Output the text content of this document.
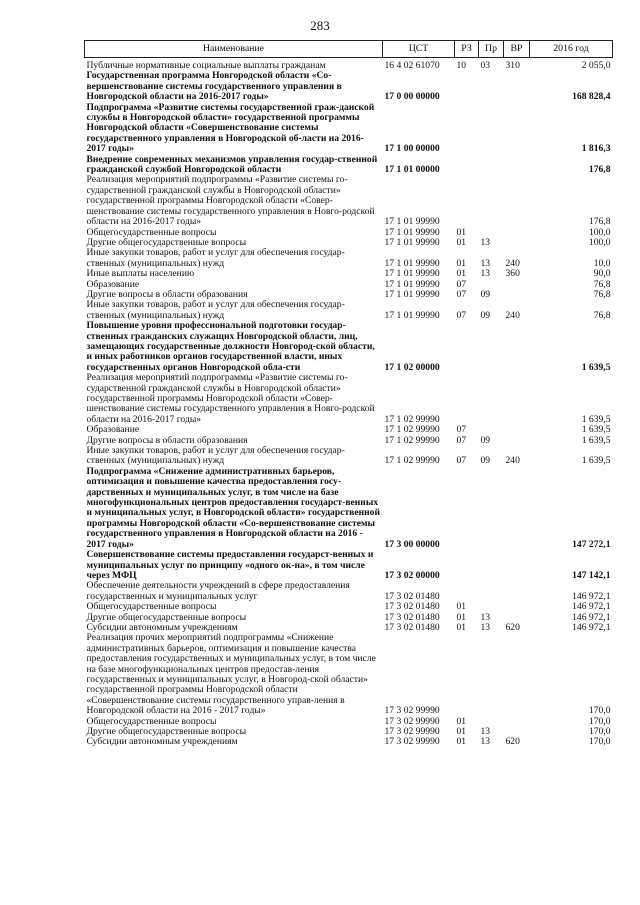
283
Наименование	ЦСТ	РЗ	Пр	ВР	2016 год
Публичные нормативные социальные выплаты гражданам	16 4 02 61070	10	03	310	2 055,0
Государственная программа Новгородской области «Со-вершенствование системы государственного управления в Новгородской области на 2016-2017 годы»	17 0 00 00000				168 828,4
Подпрограмма «Развитие системы государственной граж-данской службы в Новгородской области» государственной программы Новгородской области «Совершенствование системы государственного управления в Новгородской об-ласти на 2016-2017 годы»	17 1 00 00000				1 816,3
Внедрение современных механизмов управления государ-ственной гражданской службой Новгородской области	17 1 01 00000				176,8
Реализация мероприятий подпрограммы «Развитие системы го-сударственной гражданской службы в Новгородской области» государственной программы Новгородской области «Совер-шенствование системы государственного управления в Новго-родской области на 2016-2017 годы»	17 1 01 99990				176,8
Общегосударственные вопросы	17 1 01 99990	01			100,0
Другие общегосударственные вопросы	17 1 01 99990	01	13		100,0
Иные закупки товаров, работ и услуг для обеспечения государ-ственных (муниципальных) нужд	17 1 01 99990	01	13	240	10,0
Иные выплаты населению	17 1 01 99990	01	13	360	90,0
Образование	17 1 01 99990	07			76,8
Другие вопросы в области образования	17 1 01 99990	07	09		76,8
Иные закупки товаров, работ и услуг для обеспечения государ-ственных (муниципальных) нужд	17 1 01 99990	07	09	240	76,8
Повышение уровня профессиональной подготовки государ-ственных гражданских служащих Новгородской области, лиц, замещающих государственные должности Новгород-ской области, и иных работников органов государственной власти, иных государственных органов Новгородской обла-сти	17 1 02 00000				1 639,5
Реализация мероприятий подпрограммы «Развитие системы го-сударственной гражданской службы в Новгородской области» государственной программы Новгородской области «Совер-шенствование системы государственного управления в Новго-родской области на 2016-2017 годы»	17 1 02 99990				1 639,5
Образование	17 1 02 99990	07			1 639,5
Другие вопросы в области образования	17 1 02 99990	07	09		1 639,5
Иные закупки товаров, работ и услуг для обеспечения государ-ственных (муниципальных) нужд	17 1 02 99990	07	09	240	1 639,5
Подпрограмма «Снижение административных барьеров, оптимизация и повышение качества предоставления госу-дарственных и муниципальных услуг, в том числе на базе многофункциональных центров предоставления государст-венных и муниципальных услуг, в Новгородской области» государственной программы Новгородской области «Со-вершенствование системы государственного управления в Новгородской области на 2016 - 2017 годы»	17 3 00 00000				147 272,1
Совершенствование системы предоставления государст-венных и муниципальных услуг по принципу «одного ок-на», в том числе через МФЦ	17 3 02 00000				147 142,1
Обеспечение деятельности учреждений в сфере предоставления государственных и муниципальных услуг	17 3 02 01480				146 972,1
Общегосударственные вопросы	17 3 02 01480	01			146 972,1
Другие общегосударственные вопросы	17 3 02 01480	01	13		146 972,1
Субсидии автономным учреждениям	17 3 02 01480	01	13	620	146 972,1
Реализация прочих мероприятий подпрограммы «Снижение административных барьеров, оптимизация и повышение качества предоставления государственных и муниципальных услуг, в том числе на базе многофункциональных центров предостав-ления государственных и муниципальных услуг, в Новгород-ской области» государственной программы Новгородской области «Совершенствование системы государственного управ-ления в Новгородской области на 2016 - 2017 годы»	17 3 02 99990				170,0
Общегосударственные вопросы	17 3 02 99990	01			170,0
Другие общегосударственные вопросы	17 3 02 99990	01	13		170,0
Субсидии автономным учреждениям	17 3 02 99990	01	13	620	170,0
